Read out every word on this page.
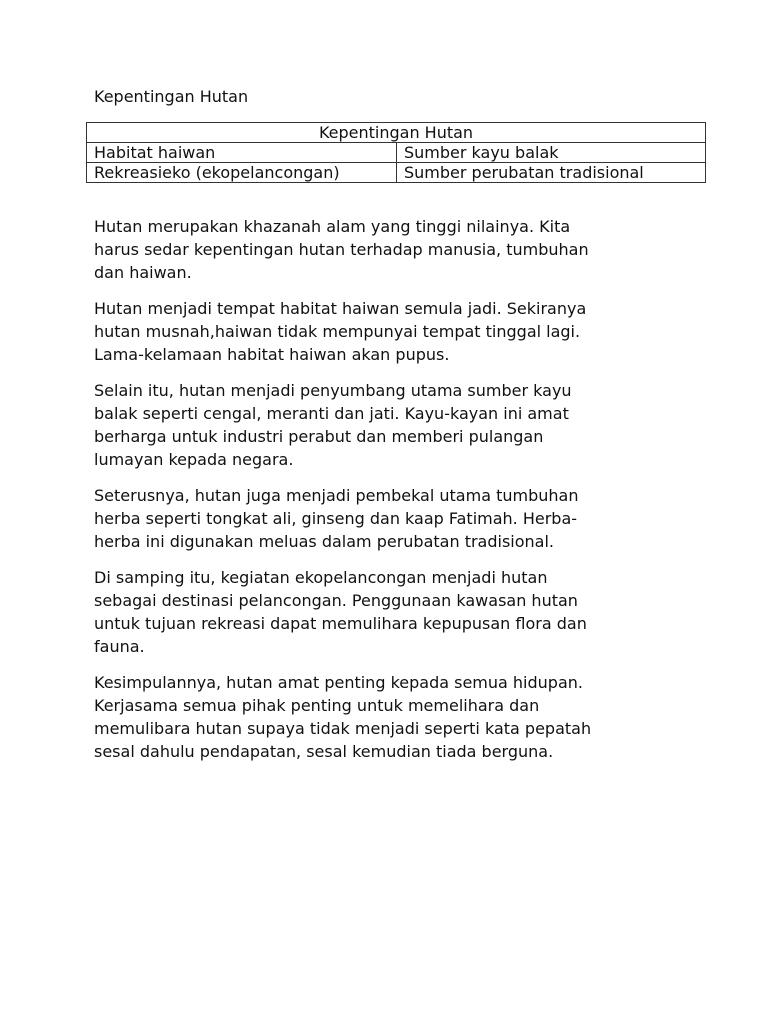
Kepentingan Hutan
Kepentingan Hutan	
Habitat haiwan	Sumber kayu balak
Rekreasieko (ekopelancongan)	Sumber perubatan tradisional

Hutan merupakan khazanah alam yang tinggi nilainya. Kita
harus sedar kepentingan hutan terhadap manusia, tumbuhan
dan haiwan.

Hutan menjadi tempat habitat haiwan semula jadi. Sekiranya
hutan musnah,haiwan tidak mempunyai tempat tinggal lagi.
Lama-kelamaan habitat haiwan akan pupus.

Selain itu, hutan menjadi penyumbang utama sumber kayu
balak seperti cengal, meranti dan jati. Kayu-kayan ini amat
berharga untuk industri perabut dan memberi pulangan
lumayan kepada negara.

Seterusnya, hutan juga menjadi pembekal utama tumbuhan
herba seperti tongkat ali, ginseng dan kaap Fatimah. Herba-
herba ini digunakan meluas dalam perubatan tradisional.

Di samping itu, kegiatan ekopelancongan menjadi hutan
sebagai destinasi pelancongan. Penggunaan kawasan hutan
untuk tujuan rekreasi dapat memulihara kepupusan flora dan
fauna.

Kesimpulannya, hutan amat penting kepada semua hidupan.
Kerjasama semua pihak penting untuk memelihara dan
memulibara hutan supaya tidak menjadi seperti kata pepatah
sesal dahulu pendapatan, sesal kemudian tiada berguna.
